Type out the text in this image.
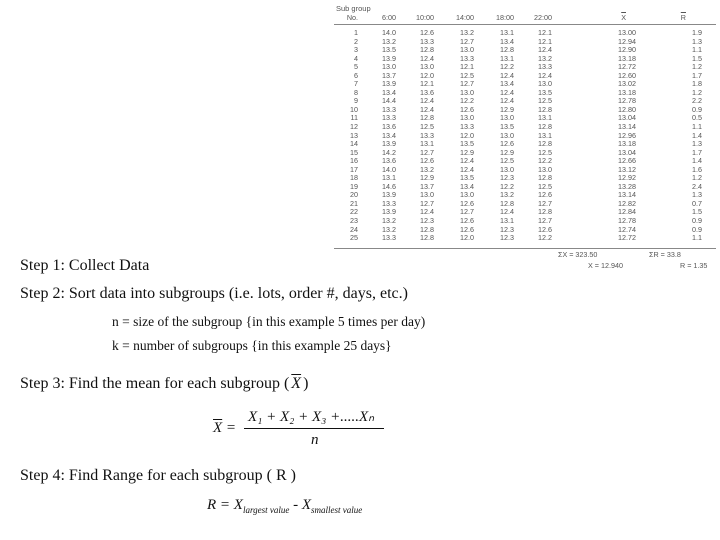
Sub group
No.	6:00	10:00	14:00	18:00	22:00	$\overline{X}$	$\overline{R}$
1	14.0	12.6	13.2	13.1	12.1	13.00	1.9
2	13.2	13.3	12.7	13.4	12.1	12.94	1.3
3	13.5	12.8	13.0	12.8	12.4	12.90	1.1
4	13.9	12.4	13.3	13.1	13.2	13.18	1.5
5	13.0	13.0	12.1	12.2	13.3	12.72	1.2
6	13.7	12.0	12.5	12.4	12.4	12.60	1.7
7	13.9	12.1	12.7	13.4	13.0	13.02	1.8
8	13.4	13.6	13.0	12.4	13.5	13.18	1.2
9	14.4	12.4	12.2	12.4	12.5	12.78	2.2
10	13.3	12.4	12.6	12.9	12.8	12.80	0.9
11	13.3	12.8	13.0	13.0	13.1	13.04	0.5
12	13.6	12.5	13.3	13.5	12.8	13.14	1.1
13	13.4	13.3	12.0	13.0	13.1	12.96	1.4
14	13.9	13.1	13.5	12.6	12.8	13.18	1.3
15	14.2	12.7	12.9	12.9	12.5	13.04	1.7
16	13.6	12.6	12.4	12.5	12.2	12.66	1.4
17	14.0	13.2	12.4	13.0	13.0	13.12	1.6
18	13.1	12.9	13.5	12.3	12.8	12.92	1.2
19	14.6	13.7	13.4	12.2	12.5	13.28	2.4
20	13.9	13.0	13.0	13.2	12.6	13.14	1.3
21	13.3	12.7	12.6	12.8	12.7	12.82	0.7
22	13.9	12.4	12.7	12.4	12.8	12.84	1.5
23	13.2	12.3	12.6	13.1	12.7	12.78	0.9
24	13.2	12.8	12.6	12.3	12.6	12.74	0.9
25	13.3	12.8	12.0	12.3	12.2	12.72	1.1
ΣX = 323.50	ΣR = 33.8
X = 12.940	R = 1.35
Step 1: Collect Data
Step 2: Sort data into subgroups (i.e. lots, order #, days, etc.)
n = size of the subgroup {in this example 5 times per day)
k = number of subgroups {in this example 25 days}
Step 3: Find the mean for each subgroup ( $\overline{X}$ )
Step 4: Find Range for each subgroup ( R )
$\overline{X}$ =
X₁ + X₂ + X₃ +.....Xₙ
n
$R = X_{largest value} - X_{smallest value}$
